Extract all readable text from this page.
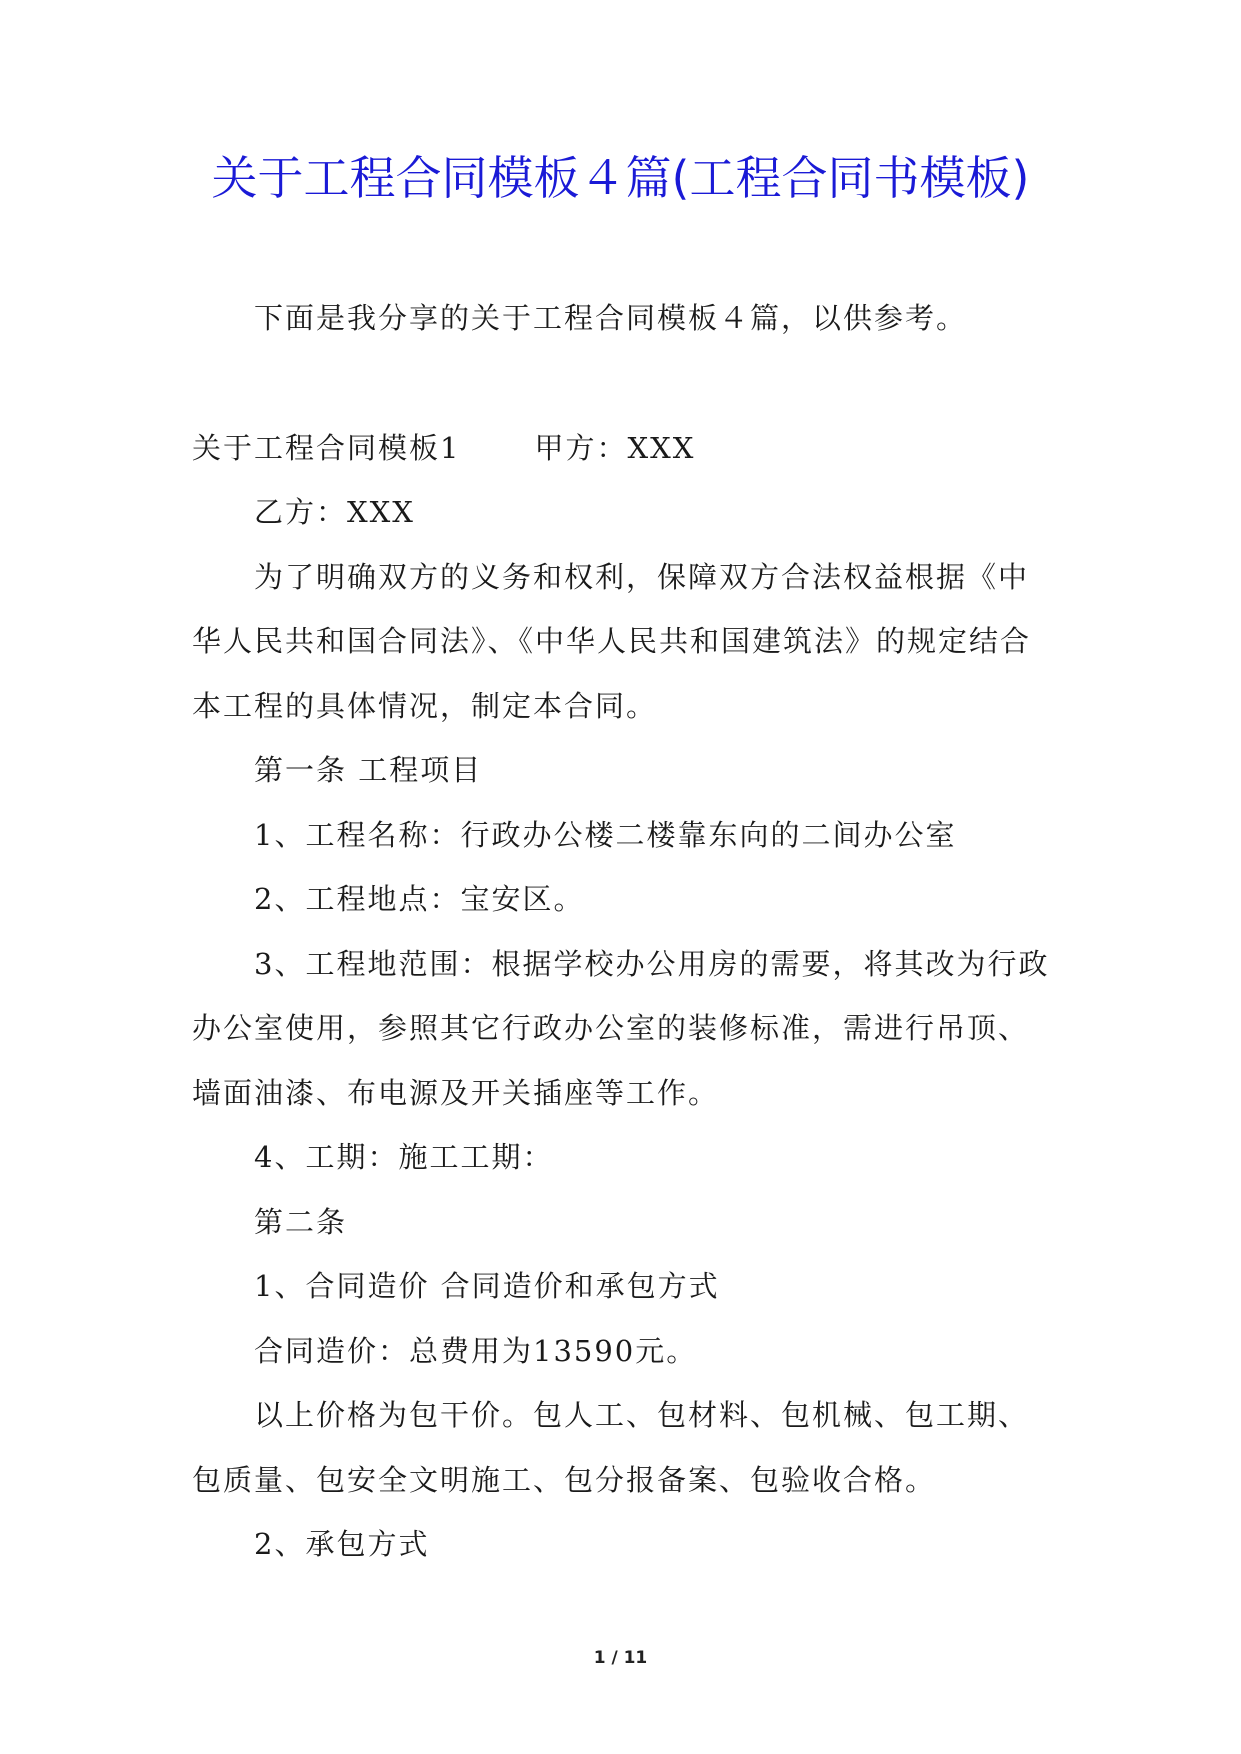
关于工程合同模板４篇(工程合同书模板)

下面是我分享的关于工程合同模板４篇，以供参考。

关于工程合同模板1	甲方：XXX

乙方：XXX

为了明确双方的义务和权利，保障双方合法权益根据《中华人民共和国合同法》、《中华人民共和国建筑法》的规定结合本工程的具体情况，制定本合同。

第一条 工程项目

1、工程名称：行政办公楼二楼靠东向的二间办公室

2、工程地点：宝安区。

3、工程地范围：根据学校办公用房的需要，将其改为行政办公室使用，参照其它行政办公室的装修标准，需进行吊顶、墙面油漆、布电源及开关插座等工作。

4、工期：施工工期：

第二条

1、合同造价 合同造价和承包方式

合同造价：总费用为13590元。

以上价格为包干价。包人工、包材料、包机械、包工期、包质量、包安全文明施工、包分报备案、包验收合格。

2、承包方式

1 / 11
